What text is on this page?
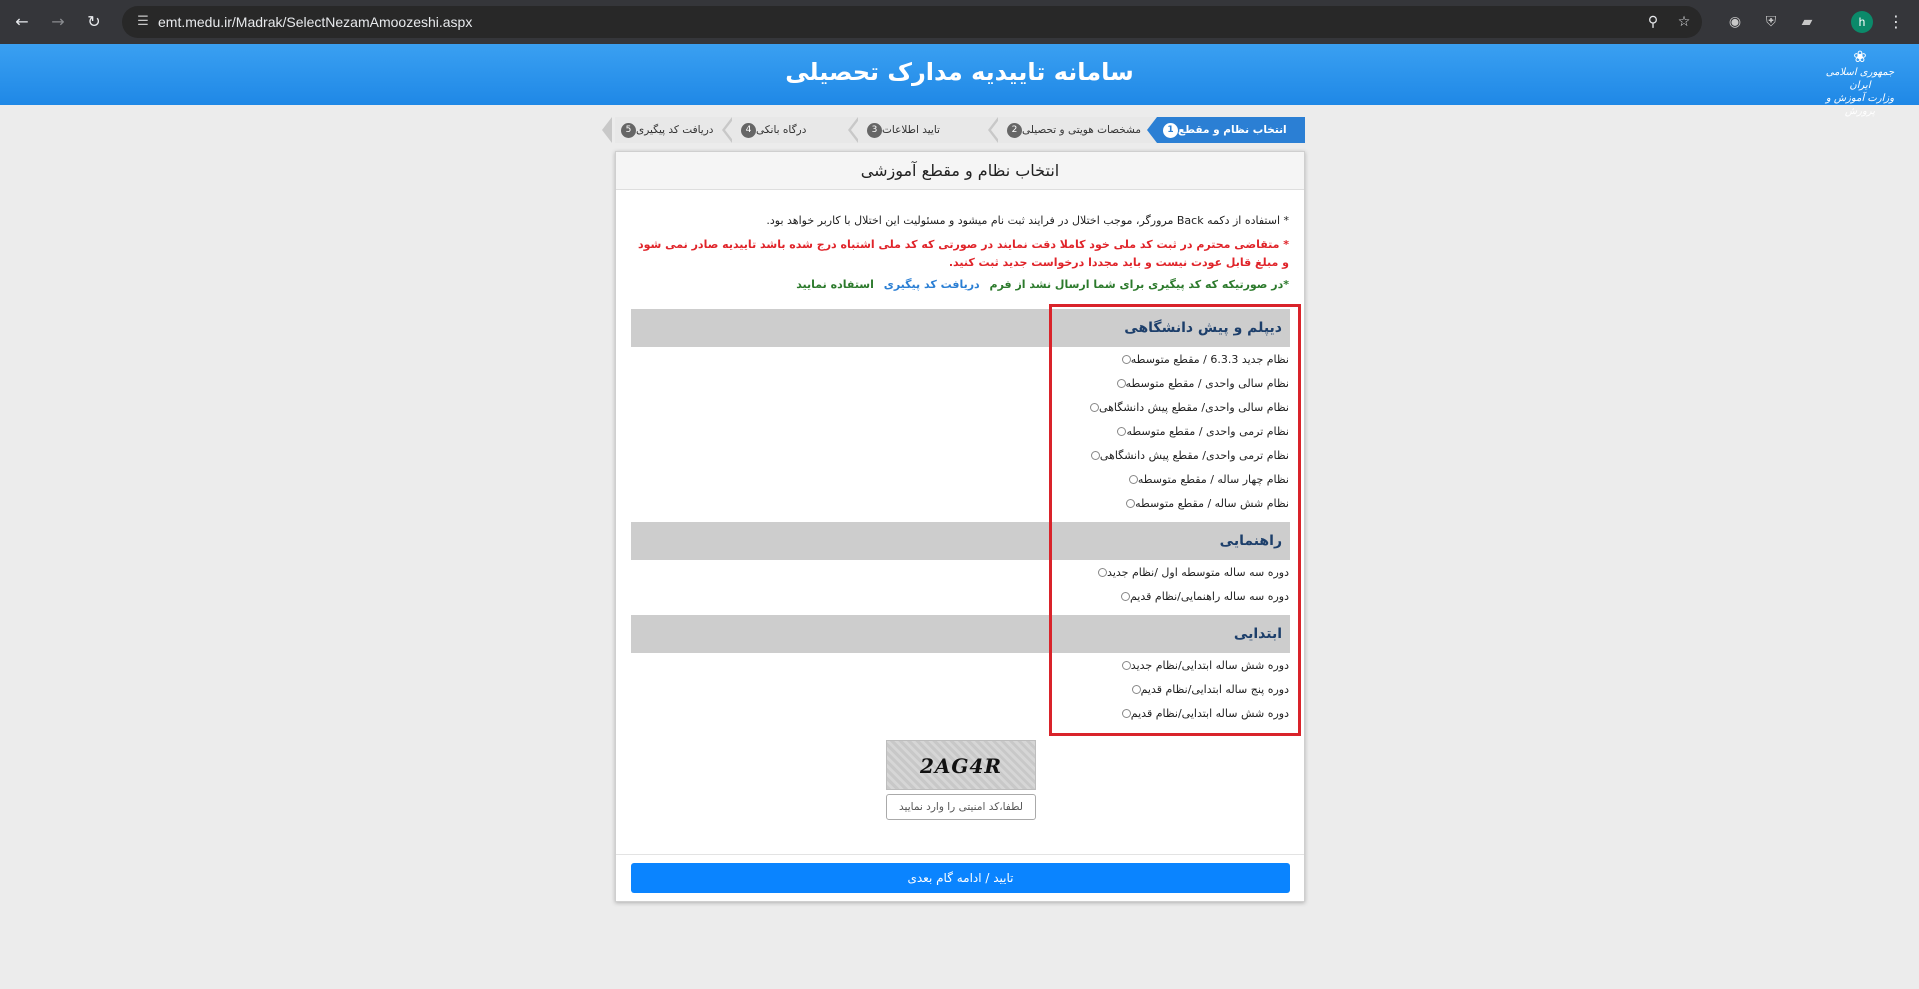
← → ↻	☰ emt.medu.ir/Madrak/SelectNezamAmoozeshi.aspx	⚲ ☆	◉	⛨	▰	h	⋮
سامانه تاییدیه مدارک تحصیلی
❀
جمهوری اسلامی ایران
وزارت آموزش و پرورش
1 انتخاب نظام و مقطع
2 مشخصات هویتی و تحصیلی
3 تایید اطلاعات
4 درگاه بانکی
5 دریافت کد پیگیری
انتخاب نظام و مقطع آموزشی
* استفاده از دکمه Back مرورگر، موجب اختلال در فرایند ثبت نام میشود و مسئولیت این اختلال با کاربر خواهد بود.
* متقاضی محترم در ثبت کد ملی خود کاملا دقت نمایند در صورتی که کد ملی اشتباه درج شده باشد تاییدیه صادر نمی شود و مبلغ قابل عودت نیست و باید مجددا درخواست جدید ثبت کنید.
*در صورتیکه که کد پیگیری برای شما ارسال نشد از فرم دریافت کد پیگیری استفاده نمایید
دیپلم و پیش دانشگاهی
نظام جدید 6.3.3 / مقطع متوسطه
نظام سالی واحدی / مقطع متوسطه
نظام سالی واحدی/ مقطع پیش دانشگاهی
نظام ترمی واحدی / مقطع متوسطه
نظام ترمی واحدی/ مقطع پیش دانشگاهی
نظام چهار ساله / مقطع متوسطه
نظام شش ساله / مقطع متوسطه
راهنمایی
دوره سه ساله متوسطه اول /نظام جدید
دوره سه ساله راهنمایی/نظام قدیم
ابتدایی
دوره شش ساله ابتدایی/نظام جدید
دوره پنج ساله ابتدایی/نظام قدیم
دوره شش ساله ابتدایی/نظام قدیم
2AG4R
لطفا،کد امنیتی را وارد نمایید
تایید / ادامه گام بعدی
